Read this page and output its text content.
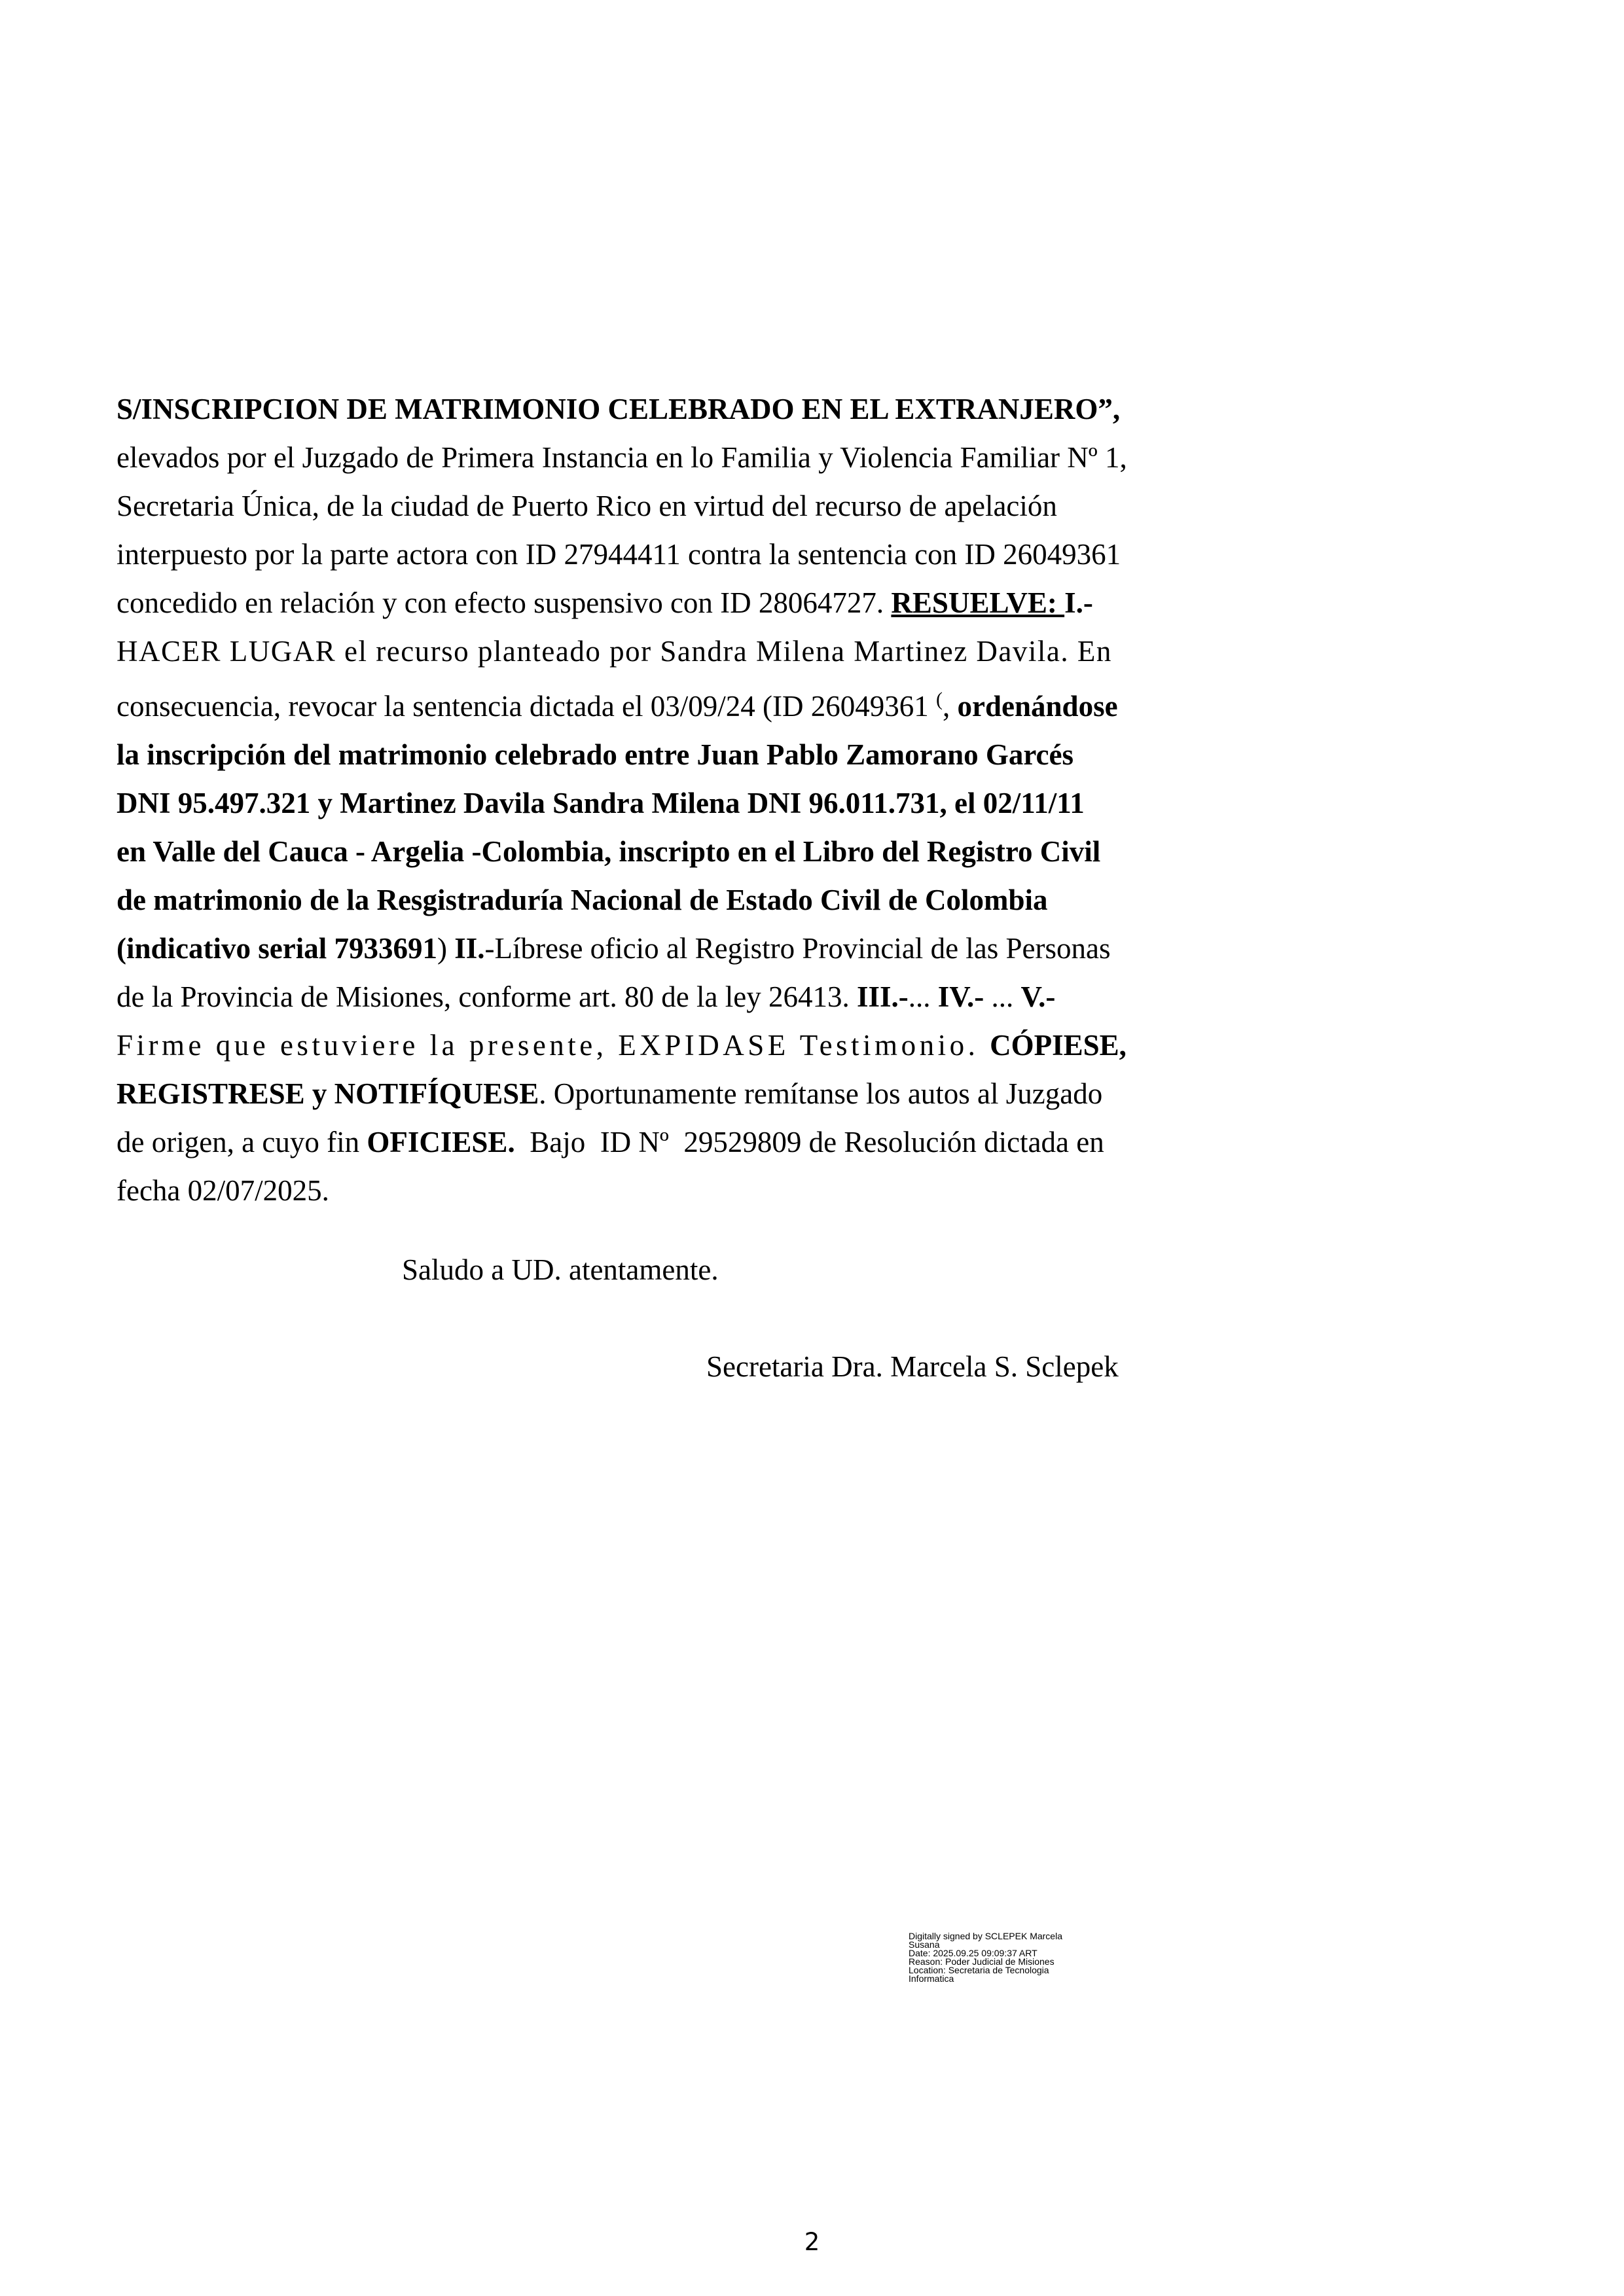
S/INSCRIPCION DE MATRIMONIO CELEBRADO EN EL EXTRANJERO”,
elevados por el Juzgado de Primera Instancia en lo Familia y Violencia Familiar Nº 1,
Secretaria Única, de la ciudad de Puerto Rico en virtud del recurso de apelación
interpuesto por la parte actora con ID 27944411 contra la sentencia con ID 26049361
concedido en relación y con efecto suspensivo con ID 28064727. RESUELVE: I.-
HACER LUGAR el recurso planteado por Sandra Milena Martinez Davila. En
consecuencia, revocar la sentencia dictada el 03/09/24 (ID 26049361 (, ordenándose
la inscripción del matrimonio celebrado entre Juan Pablo Zamorano Garcés
DNI 95.497.321 y Martinez Davila Sandra Milena DNI 96.011.731, el 02/11/11
en Valle del Cauca - Argelia -Colombia, inscripto en el Libro del Registro Civil
de matrimonio de la Resgistraduría Nacional de Estado Civil de Colombia
(indicativo serial 7933691) II.-Líbrese oficio al Registro Provincial de las Personas
de la Provincia de Misiones, conforme art. 80 de la ley 26413. III.-... IV.- ... V.-
Firme que estuviere la presente, EXPIDASE Testimonio. CÓPIESE,
REGISTRESE y NOTIFÍQUESE. Oportunamente remítanse los autos al Juzgado
de origen, a cuyo fin OFICIESE.  Bajo  ID Nº  29529809 de Resolución dictada en
fecha 02/07/2025.
Saludo a UD. atentamente.
Secretaria Dra. Marcela S. Sclepek
Digitally signed by SCLEPEK Marcela
Susana
Date: 2025.09.25 09:09:37 ART
Reason: Poder Judicial de Misiones
Location: Secretaria de Tecnologia
Informatica
2
